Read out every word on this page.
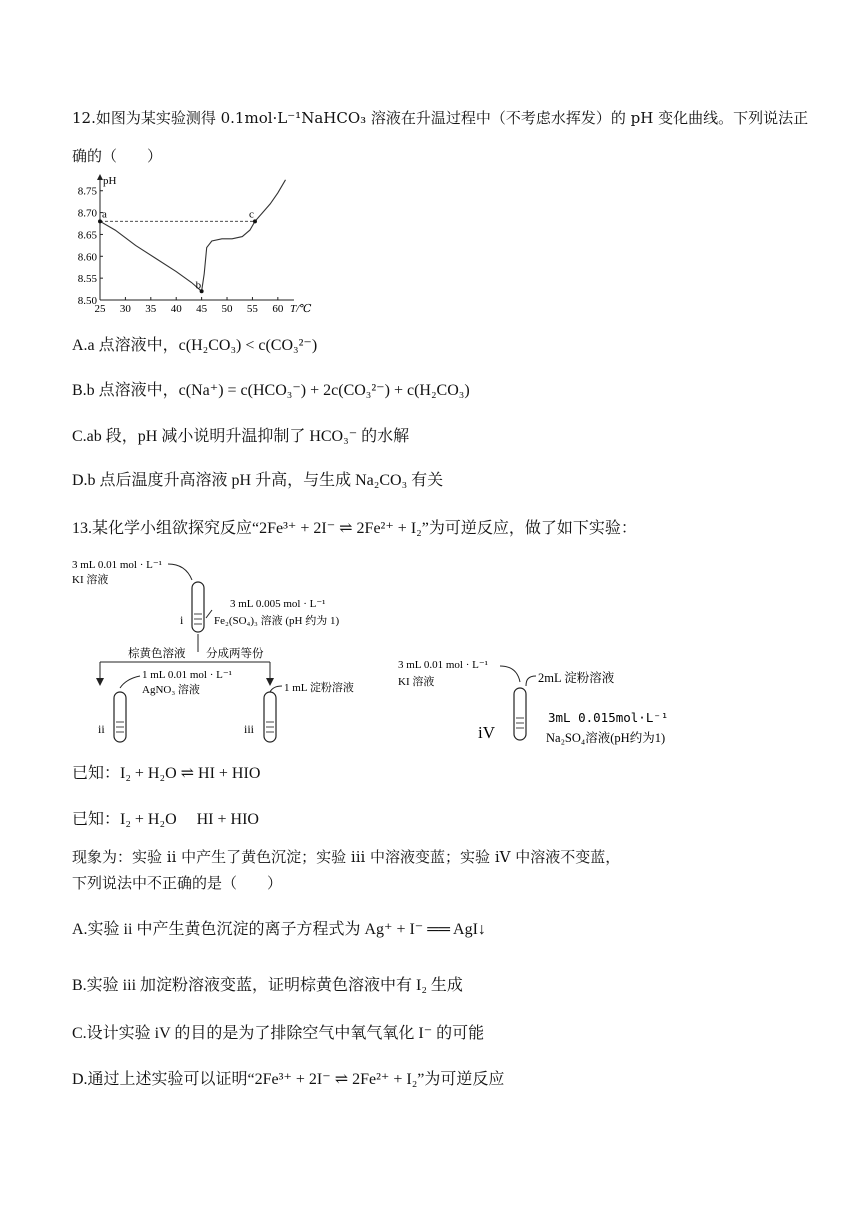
12.如图为某实验测得 0.1mol·L⁻¹NaHCO₃ 溶液在升温过程中（不考虑水挥发）的 pH 变化曲线。下列说法正
确的（　　）
25 30 35 40 45 50 55 60 T/℃
8.50
8.55
8.60
8.65
8.70
8.75
pH
a
b
c
A.a 点溶液中，c(H₂CO₃) < c(CO₃²⁻)
B.b 点溶液中，c(Na⁺) = c(HCO₃⁻) + 2c(CO₃²⁻) + c(H₂CO₃)
C.ab 段，pH 减小说明升温抑制了 HCO₃⁻ 的水解
D.b 点后温度升高溶液 pH 升高，与生成 Na₂CO₃ 有关
13.某化学小组欲探究反应“2Fe³⁺ + 2I⁻ ⇌ 2Fe²⁺ + I₂”为可逆反应，做了如下实验：
3 mL 0.01 mol · L⁻¹
KI 溶液
i
3 mL 0.005 mol · L⁻¹
Fe₂(SO₄)₃ 溶液 (pH 约为 1)
棕黄色溶液 分成两等份
1 mL 0.01 mol · L⁻¹
AgNO₃ 溶液	1 mL 淀粉溶液
ii	iii
3 mL 0.01 mol · L⁻¹
KI 溶液	2mL 淀粉溶液
iV
3mL 0.015mol·L⁻¹
Na₂SO₄溶液(pH约为1)
已知：I₂ + H₂O ⇌ HI + HIO
已知：I₂ + H₂O　 HI + HIO
现象为：实验 ii 中产生了黄色沉淀；实验 iii 中溶液变蓝；实验 iV 中溶液不变蓝，
下列说法中不正确的是（　　）
A.实验 ii 中产生黄色沉淀的离子方程式为 Ag⁺ + I⁻ ══ AgI↓
B.实验 iii 加淀粉溶液变蓝，证明棕黄色溶液中有 I₂ 生成
C.设计实验 iV 的目的是为了排除空气中氧气氧化 I⁻ 的可能
D.通过上述实验可以证明“2Fe³⁺ + 2I⁻ ⇌ 2Fe²⁺ + I₂”为可逆反应
